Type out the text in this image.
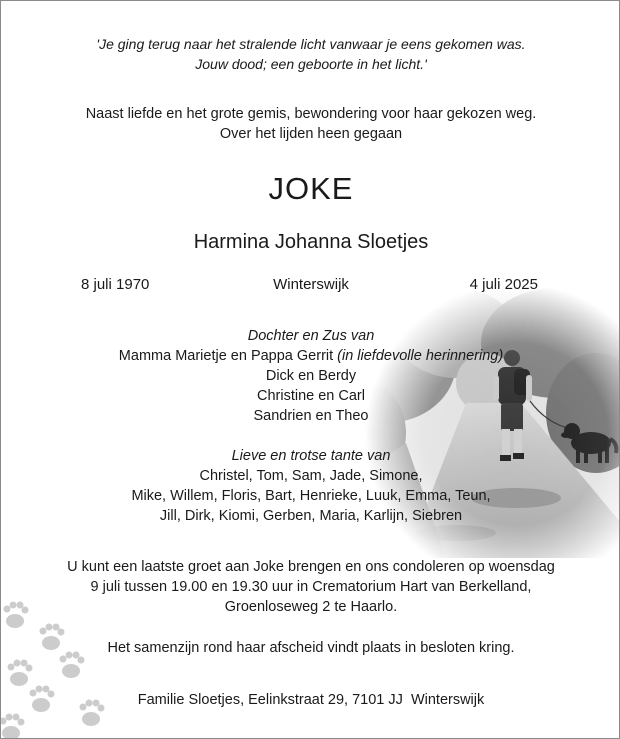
'Je ging terug naar het stralende licht vanwaar je eens gekomen was.
Jouw dood; een geboorte in het licht.'
Naast liefde en het grote gemis, bewondering voor haar gekozen weg.
Over het lijden heen gegaan
JOKE
Harmina Johanna Sloetjes
8 juli 1970	Winterswijk	4 juli 2025
Dochter en Zus van
Mamma Marietje en Pappa Gerrit (in liefdevolle herinnering)
Dick en Berdy
Christine en Carl
Sandrien en Theo
Lieve en trotse tante van
Christel, Tom, Sam, Jade, Simone,
Mike, Willem, Floris, Bart, Henrieke, Luuk, Emma, Teun,
Jill, Dirk, Kiomi, Gerben, Maria, Karlijn, Siebren
U kunt een laatste groet aan Joke brengen en ons condoleren op woensdag
9 juli tussen 19.00 en 19.30 uur in Crematorium Hart van Berkelland,
Groenloseweg 2 te Haarlo.
Het samenzijn rond haar afscheid vindt plaats in besloten kring.
Familie Sloetjes, Eelinkstraat 29, 7101 JJ  Winterswijk
